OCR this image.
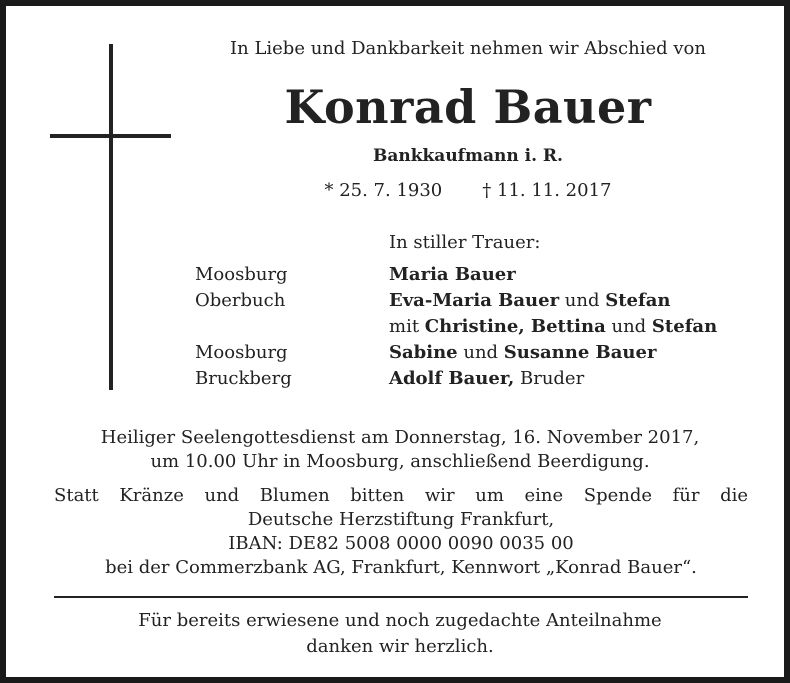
In Liebe und Dankbarkeit nehmen wir Abschied von
Konrad Bauer
Bankkaufmann i. R.
* 25. 7. 1930 † 11. 11. 2017
In stiller Trauer:
Moosburg	Maria Bauer
Oberbuch	Eva-Maria Bauer und Stefan
mit Christine, Bettina und Stefan
Moosburg	Sabine und Susanne Bauer
Bruckberg	Adolf Bauer, Bruder
Heiliger Seelengottesdienst am Donnerstag, 16. November 2017,
um 10.00 Uhr in Moosburg, anschließend Beerdigung.
Statt Kränze und Blumen bitten wir um eine Spende für die
Deutsche Herzstiftung Frankfurt,
IBAN: DE82 5008 0000 0090 0035 00
bei der Commerzbank AG, Frankfurt, Kennwort „Konrad Bauer“.
Für bereits erwiesene und noch zugedachte Anteilnahme
danken wir herzlich.
